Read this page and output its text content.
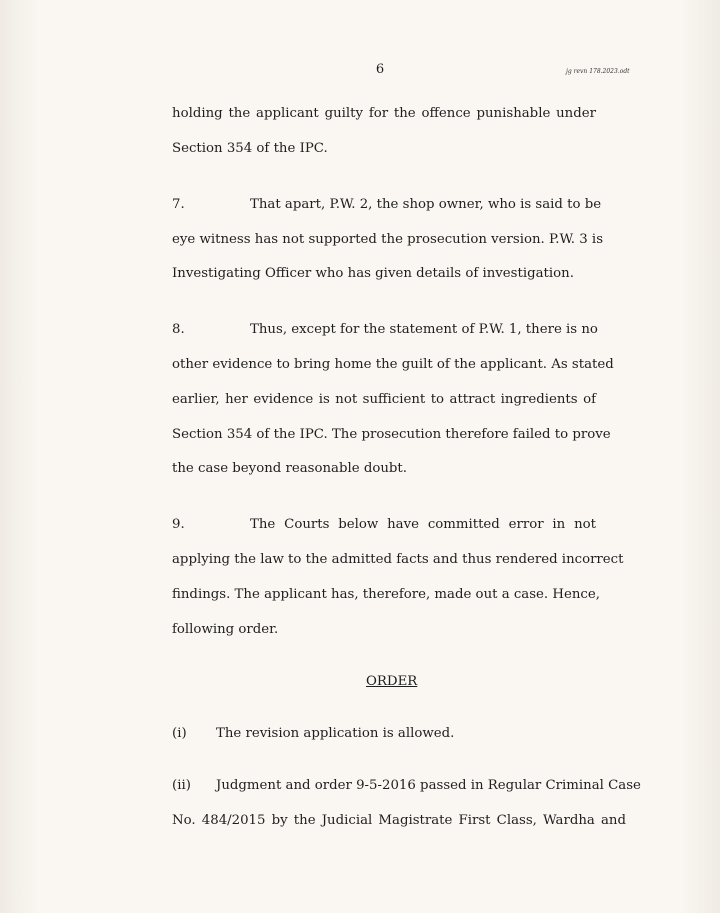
6	jg revn 178.2023.odt
holding the applicant guilty for the offence punishable under
Section 354 of the IPC.
7.	That apart, P.W. 2, the shop owner, who is said to be
eye witness has not supported the prosecution version. P.W. 3 is
Investigating Officer who has given details of investigation.
8.	Thus, except for the statement of P.W. 1, there is no
other evidence to bring home the guilt of the applicant. As stated
earlier, her evidence is not sufficient to attract ingredients of
Section 354 of the IPC. The prosecution therefore failed to prove
the case beyond reasonable doubt.
9.	The Courts below have committed error in not
applying the law to the admitted facts and thus rendered incorrect
findings. The applicant has, therefore, made out a case. Hence,
following order.
ORDER
(i) The revision application is allowed.
(ii) Judgment and order 9-5-2016 passed in Regular Criminal Case
No. 484/2015 by the Judicial Magistrate First Class, Wardha and
